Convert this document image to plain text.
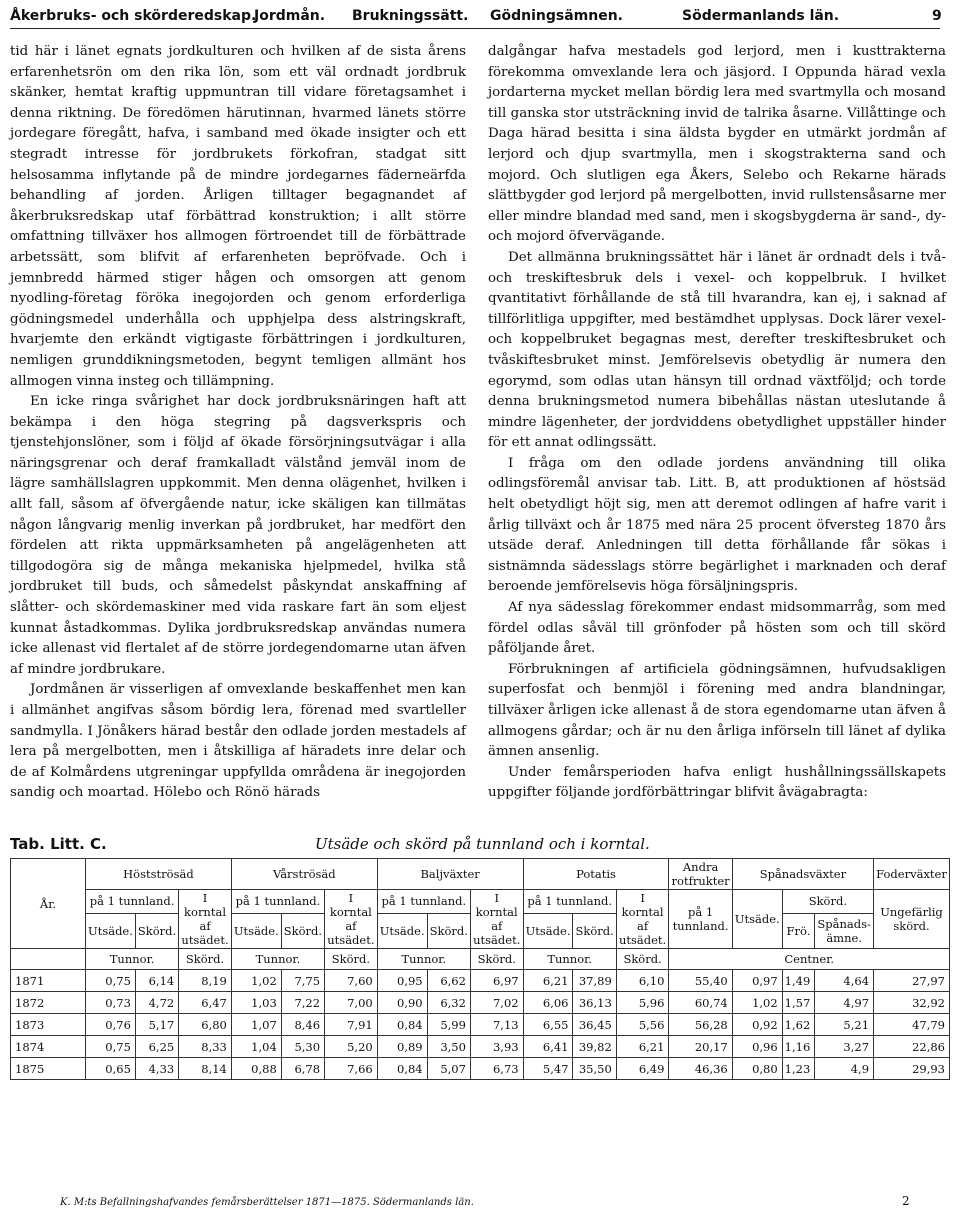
Åkerbruks- och skörderedskap.
Jordmån. Brukningssätt. Gödningsämnen.	Södermanlands län.	9

tid här i länet egnats jordkulturen och hvilken af de sista årens erfarenhetsrön om den rika lön, som ett väl ordnadt jordbruk skänker, hemtat kraftig uppmuntran till vidare företagsamhet i denna riktning. De föredömen härutinnan, hvarmed länets större jordegare föregått, hafva, i samband med ökade insigter och ett stegradt intresse för jordbrukets förkofran, stadgat sitt helsosamma inflytande på de mindre jordegarnes fäderneärfda behandling af jorden. Årligen tilltager begagnandet af åkerbruksredskap utaf förbättrad konstruktion; i allt större omfattning tillväxer hos allmogen förtroendet till de förbättrade arbetssätt, som blifvit af erfarenheten bepröfvade. Och i jemnbredd härmed stiger hågen och omsorgen att genom nyodling-företag föröka inegojorden och genom erforderliga gödningsmedel underhålla och upphjelpa dess alstringskraft, hvarjemte den erkändt vigtigaste förbättringen i jordkulturen, nemligen grunddikningsmetoden, begynt temligen allmänt hos allmogen vinna insteg och tillämpning.

En icke ringa svårighet har dock jordbruksnäringen haft att bekämpa i den höga stegring på dagsverkspris och tjenstehjonslöner, som i följd af ökade försörjningsutvägar i alla näringsgrenar och deraf framkalladt välstånd jemväl inom de lägre samhällslagren uppkommit. Men denna olägenhet, hvilken i allt fall, såsom af öfvergående natur, icke skäligen kan tillmätas någon långvarig menlig inverkan på jordbruket, har medfört den fördelen att rikta uppmärksamheten på angelägenheten att tillgodogöra sig de många mekaniska hjelpmedel, hvilka stå jordbruket till buds, och såmedelst påskyndat anskaffning af slåtter- och skördemaskiner med vida raskare fart än som eljest kunnat åstadkommas. Dylika jordbruksredskap användas numera icke allenast vid flertalet af de större jordegendomarne utan äfven af mindre jordbrukare.

Jordmånen är visserligen af omvexlande beskaffenhet men kan i allmänhet angifvas såsom bördig lera, förenad med svartleller sandmylla. I Jönåkers härad består den odlade jorden mestadels af lera på mergelbotten, men i åtskilliga af häradets inre delar och de af Kolmårdens utgreningar uppfyllda områdena är inegojorden sandig och moartad. Hölebo och Rönö härads

dalgångar hafva mestadels god lerjord, men i kusttrakterna förekomma omvexlande lera och jäsjord. I Oppunda härad vexla jordarterna mycket mellan bördig lera med svartmylla och mosand till ganska stor utsträckning invid de talrika åsarne. Villåttinge och Daga härad besitta i sina äldsta bygder en utmärkt jordmån af lerjord och djup svartmylla, men i skogstrakterna sand och mojord. Och slutligen ega Åkers, Selebo och Rekarne härads slättbygder god lerjord på mergelbotten, invid rullstensåsarne mer eller mindre blandad med sand, men i skogsbygderna är sand-, dy- och mojord öfvervägande.

Det allmänna brukningssättet här i länet är ordnadt dels i två- och treskiftesbruk dels i vexel- och koppelbruk. I hvilket qvantitativt förhållande de stå till hvarandra, kan ej, i saknad af tillförlitliga uppgifter, med bestämdhet upplysas. Dock lärer vexel- och koppelbruket begagnas mest, derefter treskiftesbruket och tvåskiftesbruket minst. Jemförelsevis obetydlig är numera den egorymd, som odlas utan hänsyn till ordnad växtföljd; och torde denna brukningsmetod numera bibehållas nästan uteslutande å mindre lägenheter, der jordviddens obetydlighet uppställer hinder för ett annat odlingssätt.

I fråga om den odlade jordens användning till olika odlingsföremål anvisar tab. Litt. B, att produktionen af höstsäd helt obetydligt höjt sig, men att deremot odlingen af hafre varit i årlig tillväxt och år 1875 med nära 25 procent öfversteg 1870 års utsäde deraf. Anledningen till detta förhållande får sökas i sistnämnda sädesslags större begärlighet i marknaden och deraf beroende jemförelsevis höga försäljningspris.

Af nya sädesslag förekommer endast midsommarråg, som med fördel odlas såväl till grönfoder på hösten som och till skörd påföljande året.

Förbrukningen af artificiela gödningsämnen, hufvudsakligen superfosfat och benmjöl i förening med andra blandningar, tillväxer årligen icke allenast å de stora egendomarne utan äfven å allmogens gårdar; och är nu den årliga införseln till länet af dylika ämnen ansenlig.

Under femårsperioden hafva enligt hushållningssällskapets uppgifter följande jordförbättringar blifvit åvägabragta:

Tab. Litt. C.	Utsäde och skörd på tunnland och i korntal.
År.	Höstströsäd			Vårströsäd			Baljväxter			Potatis			Andra rotfrukter	Spånadsväxter			Foderväxter
	på 1 tunnland.		I korntal af utsädet.	på 1 tunnland.		I korntal af utsädet.	på 1 tunnland.		I korntal af utsädet.	på 1 tunnland.		I korntal af utsädet.	på 1 tunnland.	Utsäde.	Skörd.		Ungefärlig skörd.
	Utsäde.	Skörd.		Utsäde.	Skörd.		Utsäde.	Skörd.		Utsäde.	Skörd.				Frö.	Spånads-ämne.	
	Tunnor.		Skörd.	Tunnor.		Skörd.	Tunnor.		Skörd.	Tunnor.		Skörd.	Centner.				
1871	0,75	6,14	8,19	1,02	7,75	7,60	0,95	6,62	6,97	6,21	37,89	6,10	55,40	0,97	1,49	4,64	27,97
1872	0,73	4,72	6,47	1,03	7,22	7,00	0,90	6,32	7,02	6,06	36,13	5,96	60,74	1,02	1,57	4,97	32,92
1873	0,76	5,17	6,80	1,07	8,46	7,91	0,84	5,99	7,13	6,55	36,45	5,56	56,28	0,92	1,62	5,21	47,79
1874	0,75	6,25	8,33	1,04	5,30	5,20	0,89	3,50	3,93	6,41	39,82	6,21	20,17	0,96	1,16	3,27	22,86
1875	0,65	4,33	8,14	0,88	6,78	7,66	0,84	5,07	6,73	5,47	35,50	6,49	46,36	0,80	1,23	4,9	29,93
K. M:ts Befallningshafvandes femårsberättelser 1871—1875. Södermanlands län.	2
